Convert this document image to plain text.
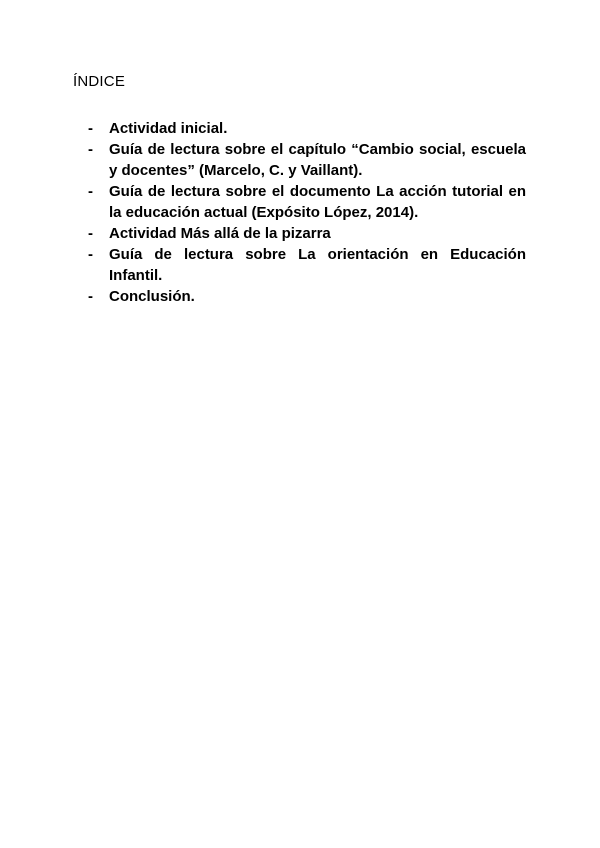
ÍNDICE
-	Actividad inicial.
-	Guía de lectura sobre el capítulo “Cambio social, escuela y docentes” (Marcelo, C. y Vaillant).
-	Guía de lectura sobre el documento La acción tutorial en la educación actual (Expósito López, 2014).
-	Actividad Más allá de la pizarra
-	Guía de lectura sobre La orientación en Educación Infantil.
-	Conclusión.
